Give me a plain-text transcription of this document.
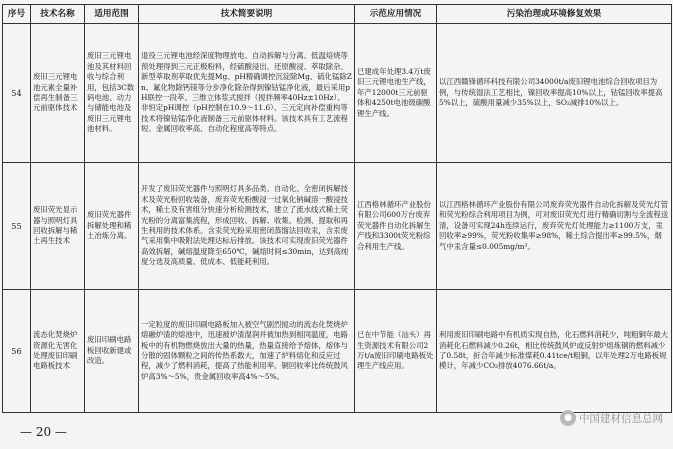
序号	技术名称	适用范围	技术简要说明	示范应用情况	污染治理或环境修复效果
54	废旧三元锂电池元素全量补偿再生制备三元前驱体技术	废旧三元锂电池及其材料回收与综合利用，包括3C数码电池、动力与储能电池及废旧三元锂电池材料。	退役三元锂电池经深度物理放电、自动拆解与分离、低温焙烧等预处理得到三元正极粉料，经硫酸浸出、还原酸浸、萃取除杂、新型萃取剂萃取优先提Mg、pH精确调控沉淀除Mg、硫化锰除Zn、氟化物除钙镁等分步净化除杂得到镍钴锰净化液，最后采用pH联控一段萃、三维立体浆式搅拌（搅拌频率40Hz±10Hz）、非恒定pH调控（pH控制在10.9～11.6）、三元定向补偿重构等技术将镍钴锰净化液制备三元前驱体材料。该技术具有工艺流程短、金属回收率高、自动化程度高等特点。	已建成年处理3.4万t废旧三元锂电池生产线，年产12000t三元前驱体和4250t电池级碳酸锂生产线。	以江西赣锋循环科技有限公司34000t/a废旧锂电池综合回收项目为例，与传统湿法工艺相比，镍回收率提高10%以上，钴锰回收率提高5%以上，硫酸用量减少35%以上，SO₂减排10%以上。
55	废旧荧光显示器与照明灯具回收拆解与稀土再生技术	废旧荧光器件拆解处理和稀土冶炼分离。	开发了废旧荧光器件与照明灯具多品类、自动化、全密闭拆解技术及荧光粉回收装备，废弃荧光粉酸浸一过氧化钠碱溶一酸浸技术，稀土及有害组分快速分析检测技术，建立了流水线式稀土荧光粉的分离富集流程，形成回收、拆解、收集、检测、提取和再生利用的技术体系。含汞荧光粉采用密闭蒸馏法回收汞，含汞废气采用集中吸附法处理达标后排放。该技术可实现废旧荧光器件高效拆解，碱熔温度降至650℃，碱熔时间≤30min，达到高纯度分选及高质量、低成本、低能耗利用。	江西格林循环产业股份有限公司600万台废弃荧光器件自动化拆解生产线和3300t荧光粉综合利用生产线。	以江西格林循环产业股份有限公司废弃荧光器件自动化拆解及荧光灯管和荧光粉综合利用项目为例，可对废旧荧光灯进行精确切割与全流程送清，设备可实现24h连续运行，废弃荧光灯处理能力≥1100万支，汞回收率≥99%，荧光粉收集率≥98%，稀土综合提出率≥99.5%，烟气中汞含量≤0.005mg/m³。
56	流态化焚烧炉资源化无害化处理废旧印刷电路板技术	废旧印刷电路板回收新建或改造。	一定粒度的废旧印刷电路板加入被空气剧烈搅动的流态化焚烧炉熔融炉渣的熔池中，迅速被炉渣湿润并被加热到相同温度，电路板中的有机物燃烧放出大量的热量，热量直接给予熔体，熔体与分散的固体颗粒之间的传热系数大，加速了炉料熔化和反应过程，减少了燃料消耗，提高了热能利用率。铜回收率比传统鼓风炉高3%～5%，贵金属回收率高4%～5%。	已在中节能（汕头）再生资源技术有限公司2万t/a废旧印刷电路板处理生产线应用。	利用废旧印刷电路中有机质实现自热，化石燃料消耗少，吨粗铜年最大消耗化石燃料减少0.26t，相比传统鼓风炉或反射炉熔炼铜的燃料减少了0.58t，折合年减少标准煤耗0.41tce/t粗铜，以年处理2万电路板规模计，年减少CO₂排放4076.66t/a。
— 20 —
● 中国建材信息总网
